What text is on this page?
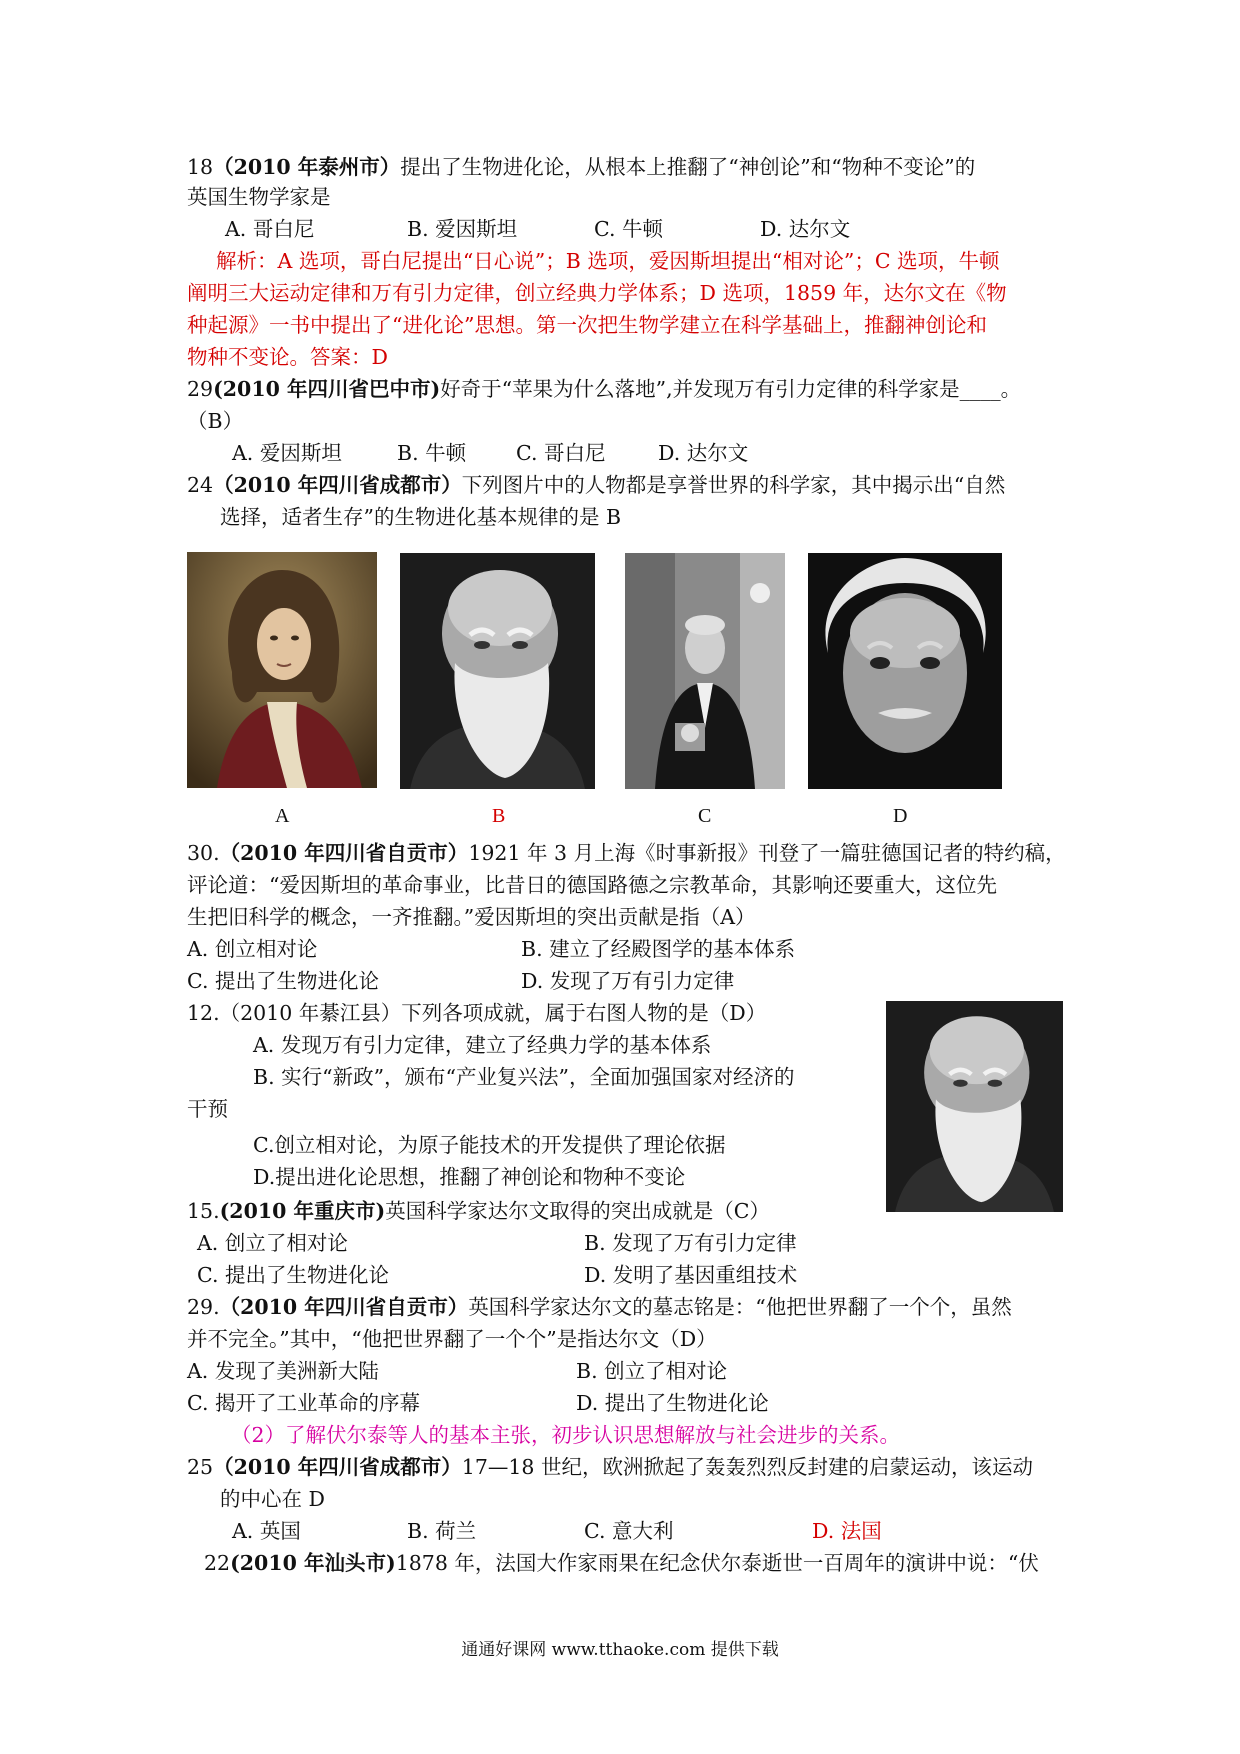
18（2010 年泰州市）提出了生物进化论，从根本上推翻了“神创论”和“物种不变论”的
英国生物学家是
A. 哥白尼	B. 爱因斯坦	C. 牛顿	D. 达尔文
解析：A 选项，哥白尼提出“日心说”；B 选项，爱因斯坦提出“相对论”；C 选项，牛顿
阐明三大运动定律和万有引力定律，创立经典力学体系；D 选项，1859 年，达尔文在《物
种起源》一书中提出了“进化论”思想。第一次把生物学建立在科学基础上，推翻神创论和
物种不变论。答案：D
29(2010 年四川省巴中市)好奇于“苹果为什么落地”,并发现万有引力定律的科学家是____。
（B）
A. 爱因斯坦	B. 牛顿 C. 哥白尼	D. 达尔文
24（2010 年四川省成都市）下列图片中的人物都是享誉世界的科学家，其中揭示出“自然
选择，适者生存”的生物进化基本规律的是 B
A	B	C	D
30.（2010 年四川省自贡市）1921 年 3 月上海《时事新报》刊登了一篇驻德国记者的特约稿，
评论道：“爱因斯坦的革命事业，比昔日的德国路德之宗教革命，其影响还要重大，这位先
生把旧科学的概念，一齐推翻。”爱因斯坦的突出贡献是指（A）
A. 创立相对论	B. 建立了经殿图学的基本体系
C. 提出了生物进化论	D. 发现了万有引力定律
12.（2010 年綦江县）下列各项成就，属于右图人物的是（D）
A. 发现万有引力定律，建立了经典力学的基本体系
B. 实行“新政”，颁布“产业复兴法”，全面加强国家对经济的
干预
C.创立相对论，为原子能技术的开发提供了理论依据
D.提出进化论思想，推翻了神创论和物种不变论
15.(2010 年重庆市)英国科学家达尔文取得的突出成就是（C）
A. 创立了相对论	B. 发现了万有引力定律
C. 提出了生物进化论	D. 发明了基因重组技术
29.（2010 年四川省自贡市）英国科学家达尔文的墓志铭是：“他把世界翻了一个个，虽然
并不完全。”其中，“他把世界翻了一个个”是指达尔文（D）
A. 发现了美洲新大陆	B. 创立了相对论
C. 揭开了工业革命的序幕	D. 提出了生物进化论
（2）了解伏尔泰等人的基本主张，初步认识思想解放与社会进步的关系。
25（2010 年四川省成都市）17—18 世纪，欧洲掀起了轰轰烈烈反封建的启蒙运动，该运动
的中心在 D
A. 英国	B. 荷兰	C. 意大利	D. 法国
22(2010 年汕头市)1878 年，法国大作家雨果在纪念伏尔泰逝世一百周年的演讲中说：“伏
通通好课网 www.tthaoke.com 提供下载
